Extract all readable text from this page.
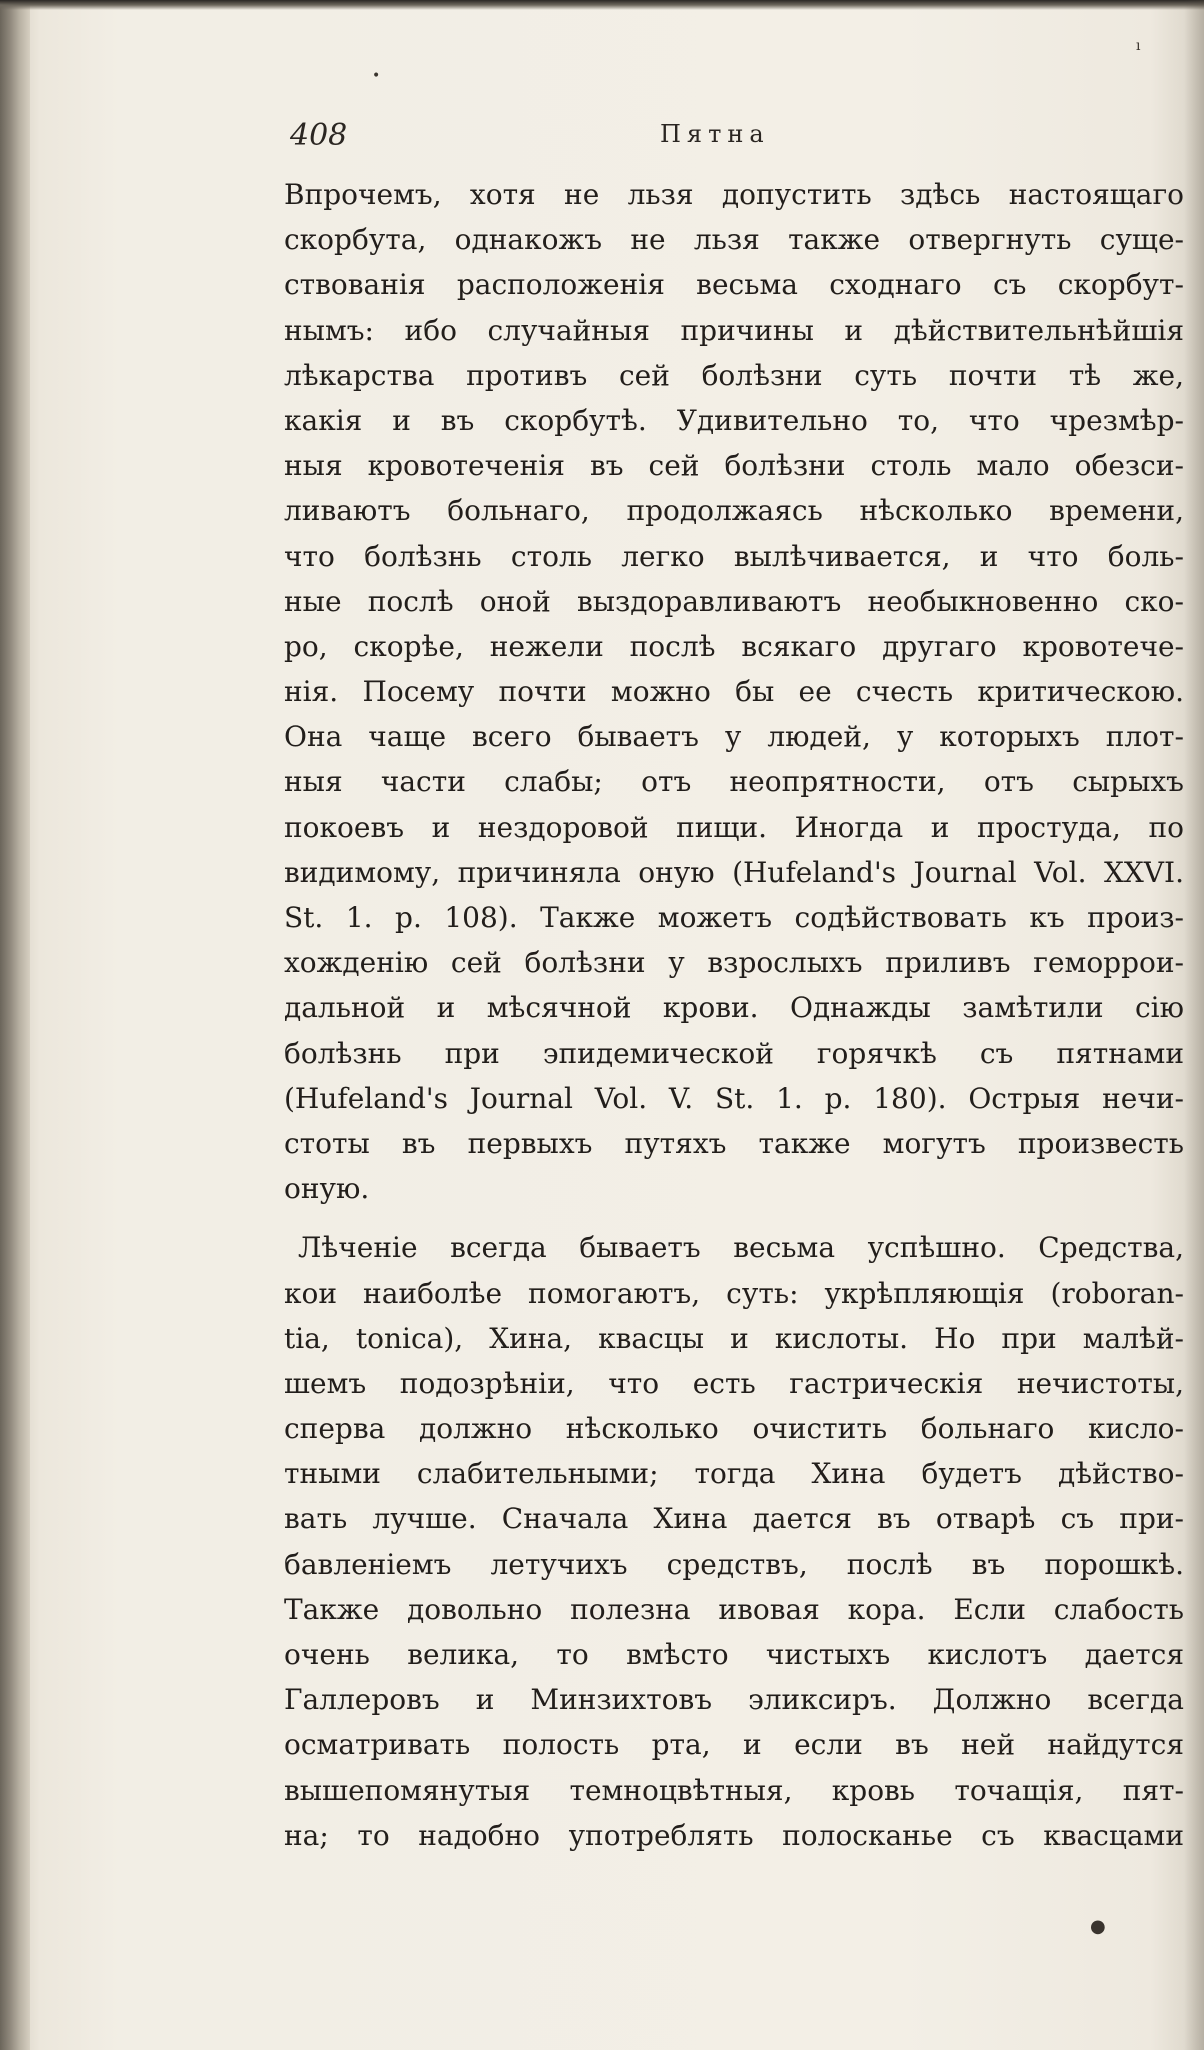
•
●
ı
408	Пятна
Впрочемъ, хотя не льзя допустить здѣсь настоящаго
скорбута, однакожъ не льзя также отвергнуть суще-
ствованія расположенія весьма сходнаго съ скорбут-
нымъ: ибо случайныя причины и дѣйствительнѣйшія
лѣкарства противъ сей болѣзни суть почти тѣ же,
какія и въ скорбутѣ. Удивительно то, что чрезмѣр-
ныя кровотеченія въ сей болѣзни столь мало обезси-
ливаютъ больнаго, продолжаясь нѣсколько времени,
что болѣзнь столь легко вылѣчивается, и что боль-
ные послѣ оной выздоравливаютъ необыкновенно ско-
ро, скорѣе, нежели послѣ всякаго другаго кровотече-
нія. Посему почти можно бы ее счесть критическою.
Она чаще всего бываетъ у людей, у которыхъ плот-
ныя части слабы; отъ неопрятности, отъ сырыхъ
покоевъ и нездоровой пищи. Иногда и простуда, по
видимому, причиняла оную (Hufeland's Journal Vol. XXVI.
St. 1. p. 108). Также можетъ содѣйствовать къ произ-
хожденію сей болѣзни у взрослыхъ приливъ геморрои-
дальной и мѣсячной крови. Однажды замѣтили сію
болѣзнь при эпидемической горячкѣ съ пятнами
(Hufeland's Journal Vol. V. St. 1. p. 180). Острыя нечи-
стоты въ первыхъ путяхъ также могутъ произвесть
оную.
Лѣченіе всегда бываетъ весьма успѣшно. Средства,
кои наиболѣе помогаютъ, суть: укрѣпляющія (roboran-
tia, tonica), Хина, квасцы и кислоты. Но при малѣй-
шемъ подозрѣніи, что есть гастрическія нечистоты,
сперва должно нѣсколько очистить больнаго кисло-
тными слабительными; тогда Хина будетъ дѣйство-
вать лучше. Сначала Хина дается въ отварѣ съ при-
бавленіемъ летучихъ средствъ, послѣ въ порошкѣ.
Также довольно полезна ивовая кора. Если слабость
очень велика, то вмѣсто чистыхъ кислотъ дается
Галлеровъ и Минзихтовъ эликсиръ. Должно всегда
осматривать полость рта, и если въ ней найдутся
вышепомянутыя темноцвѣтныя, кровь точащія, пят-
на; то надобно употреблять полосканье съ квасцами
